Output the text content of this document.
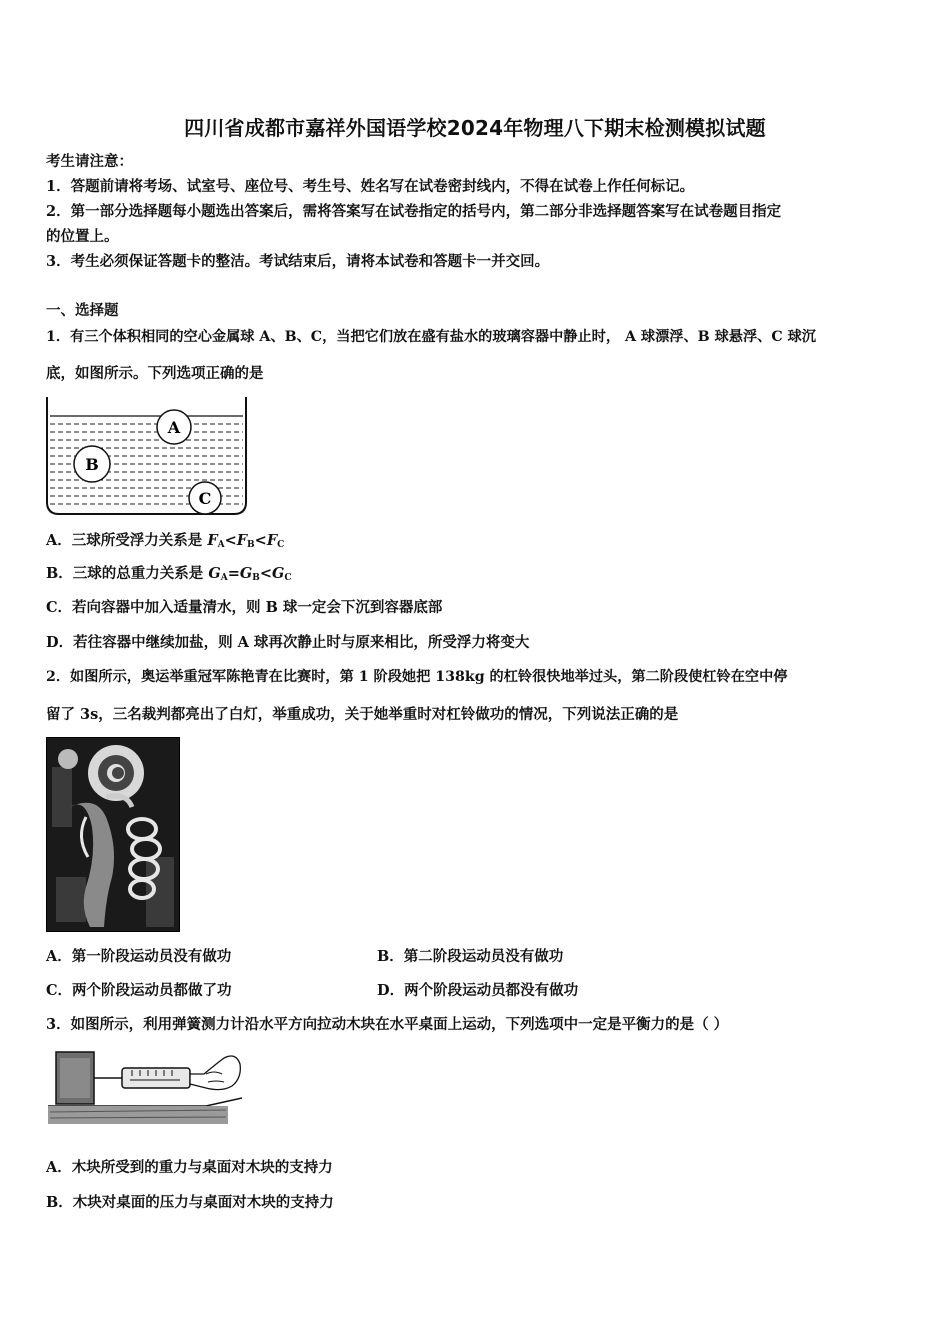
四川省成都市嘉祥外国语学校2024年物理八下期末检测模拟试题
考生请注意：
1．答题前请将考场、试室号、座位号、考生号、姓名写在试卷密封线内，不得在试卷上作任何标记。
2．第一部分选择题每小题选出答案后，需将答案写在试卷指定的括号内，第二部分非选择题答案写在试卷题目指定
的位置上。
3．考生必须保证答题卡的整洁。考试结束后，请将本试卷和答题卡一并交回。
一、选择题
1．有三个体积相同的空心金属球 A、B、C，当把它们放在盛有盐水的玻璃容器中静止时， A 球漂浮、B 球悬浮、C 球沉
底，如图所示。下列选项正确的是
A
B
C
A．三球所受浮力关系是 $F_A<F_B<F_C$
B．三球的总重力关系是 $G_A=G_B<G_C$
C．若向容器中加入适量清水，则 B 球一定会下沉到容器底部
D．若往容器中继续加盐，则 A 球再次静止时与原来相比，所受浮力将变大
2．如图所示，奥运举重冠军陈艳青在比赛时，第 1 阶段她把 138kg 的杠铃很快地举过头，第二阶段使杠铃在空中停
留了 3s，三名裁判都亮出了白灯，举重成功，关于她举重时对杠铃做功的情况，下列说法正确的是
A．第一阶段运动员没有做功	B．第二阶段运动员没有做功
C．两个阶段运动员都做了功	D．两个阶段运动员都没有做功
3．如图所示，利用弹簧测力计沿水平方向拉动木块在水平桌面上运动，下列选项中一定是平衡力的是（ ）
A．木块所受到的重力与桌面对木块的支持力
B．木块对桌面的压力与桌面对木块的支持力
